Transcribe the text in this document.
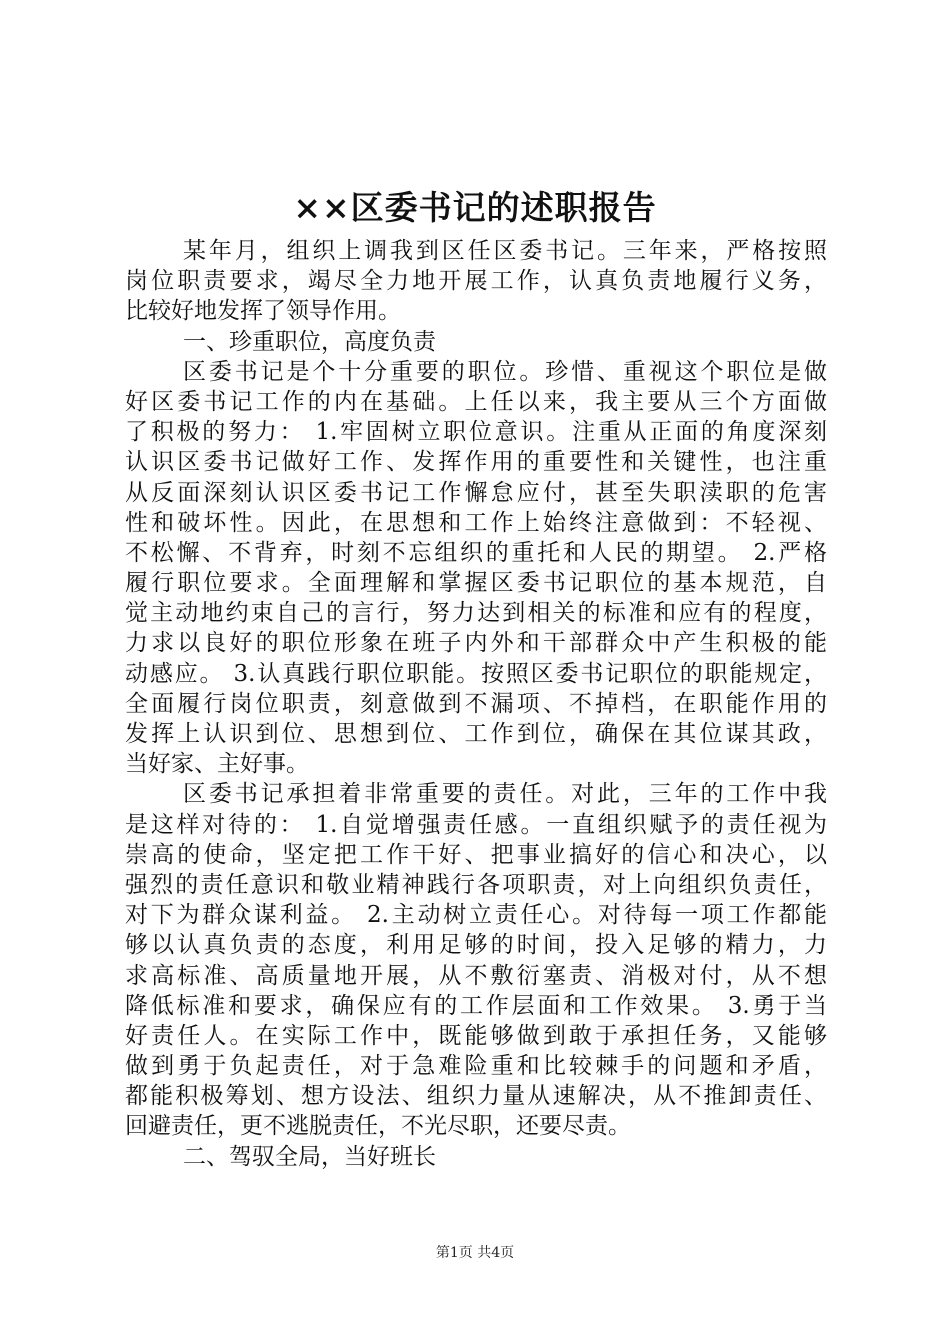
××区委书记的述职报告
某年月，组织上调我到区任区委书记。三年来，严格按照
岗位职责要求，竭尽全力地开展工作，认真负责地履行义务，
比较好地发挥了领导作用。
一、珍重职位，高度负责
区委书记是个十分重要的职位。珍惜、重视这个职位是做
好区委书记工作的内在基础。上任以来，我主要从三个方面做
了积极的努力： 1.牢固树立职位意识。注重从正面的角度深刻
认识区委书记做好工作、发挥作用的重要性和关键性，也注重
从反面深刻认识区委书记工作懈怠应付，甚至失职渎职的危害
性和破坏性。因此，在思想和工作上始终注意做到：不轻视、
不松懈、不背弃，时刻不忘组织的重托和人民的期望。 2.严格
履行职位要求。全面理解和掌握区委书记职位的基本规范，自
觉主动地约束自己的言行，努力达到相关的标准和应有的程度，
力求以良好的职位形象在班子内外和干部群众中产生积极的能
动感应。 3.认真践行职位职能。按照区委书记职位的职能规定，
全面履行岗位职责，刻意做到不漏项、不掉档，在职能作用的
发挥上认识到位、思想到位、工作到位，确保在其位谋其政，
当好家、主好事。
区委书记承担着非常重要的责任。对此，三年的工作中我
是这样对待的： 1.自觉增强责任感。一直组织赋予的责任视为
崇高的使命，坚定把工作干好、把事业搞好的信心和决心，以
强烈的责任意识和敬业精神践行各项职责，对上向组织负责任，
对下为群众谋利益。 2.主动树立责任心。对待每一项工作都能
够以认真负责的态度，利用足够的时间，投入足够的精力，力
求高标准、高质量地开展，从不敷衍塞责、消极对付，从不想
降低标准和要求，确保应有的工作层面和工作效果。 3.勇于当
好责任人。在实际工作中，既能够做到敢于承担任务，又能够
做到勇于负起责任，对于急难险重和比较棘手的问题和矛盾，
都能积极筹划、想方设法、组织力量从速解决，从不推卸责任、
回避责任，更不逃脱责任，不光尽职，还要尽责。
二、驾驭全局，当好班长
第1页 共4页
